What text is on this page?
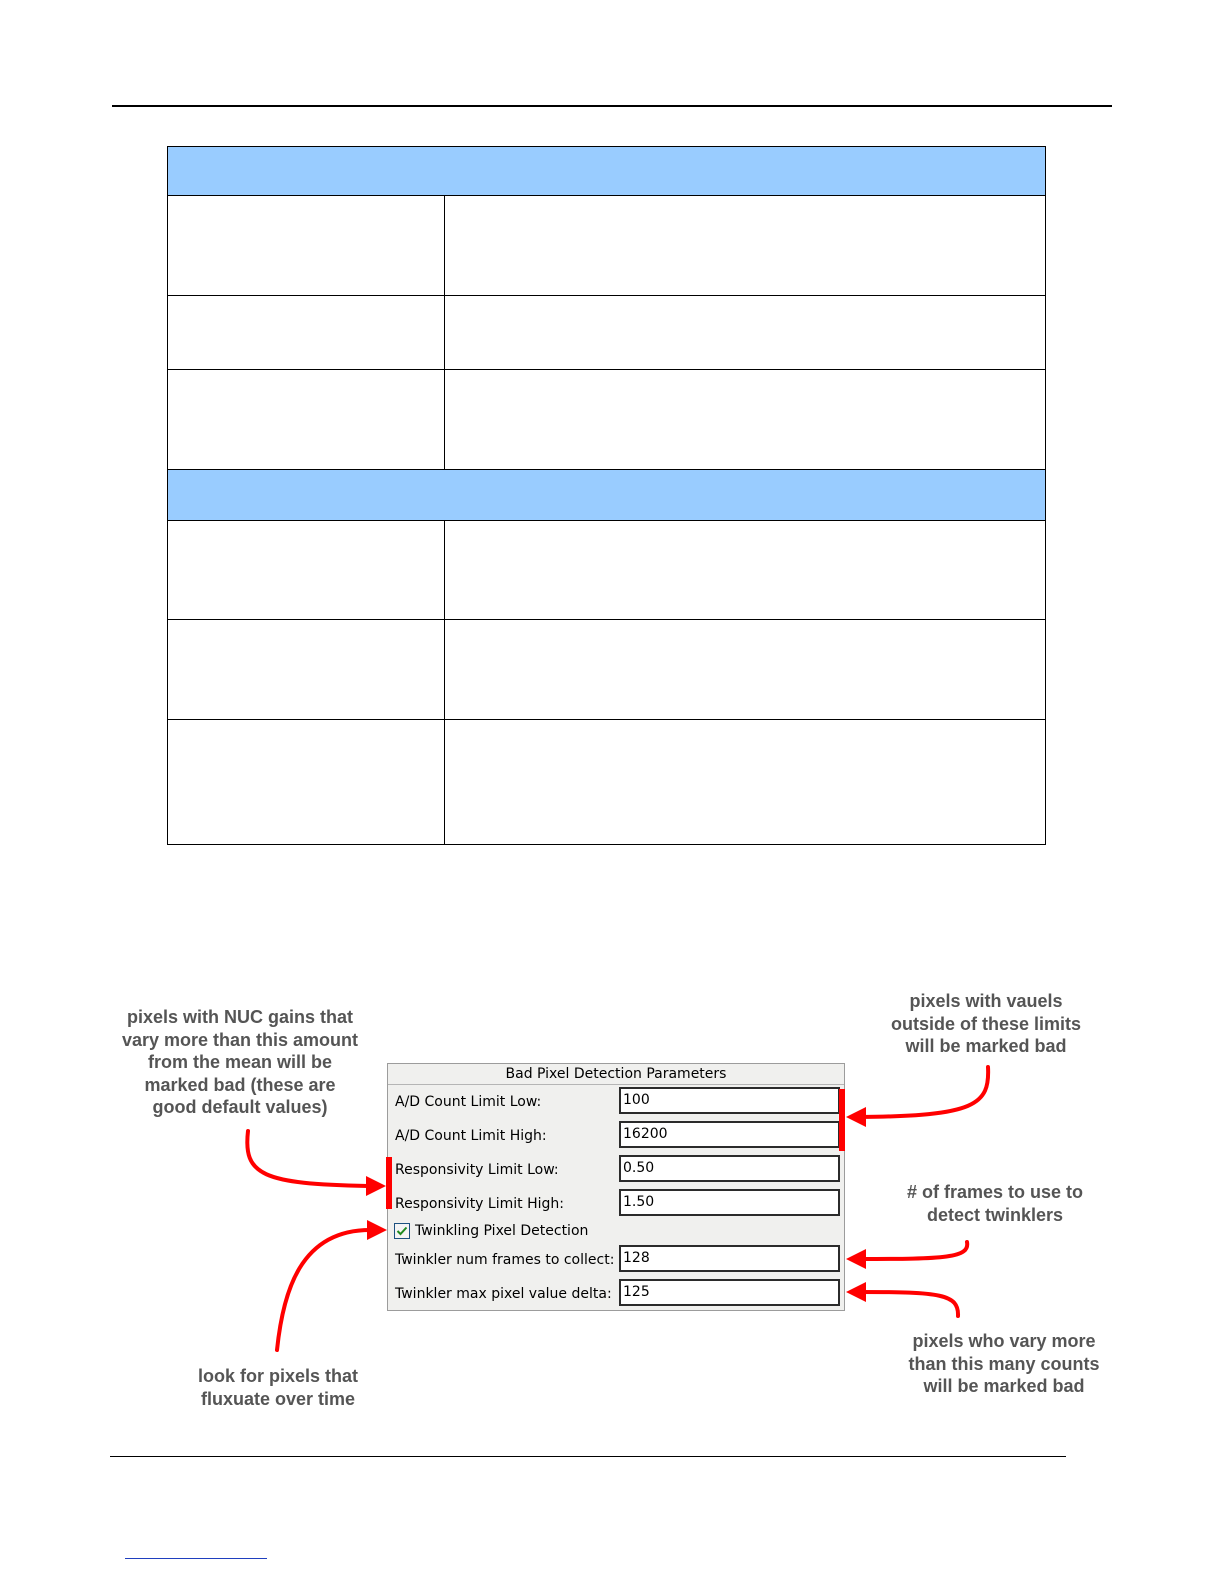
pixels with NUC gains that
vary more than this amount
from the mean will be
marked bad (these are
good default values)
pixels with vauels
outside of these limits
will be marked bad
# of frames to use to
detect twinklers
look for pixels that
fluxuate over time
pixels who vary more
than this many counts
will be marked bad
Bad Pixel Detection Parameters
A/D Count Limit Low:	100
A/D Count Limit High:	16200
Responsivity Limit Low:	0.50
Responsivity Limit High:	1.50
Twinkling Pixel Detection
Twinkler num frames to collect: 128
Twinkler max pixel value delta: 125
